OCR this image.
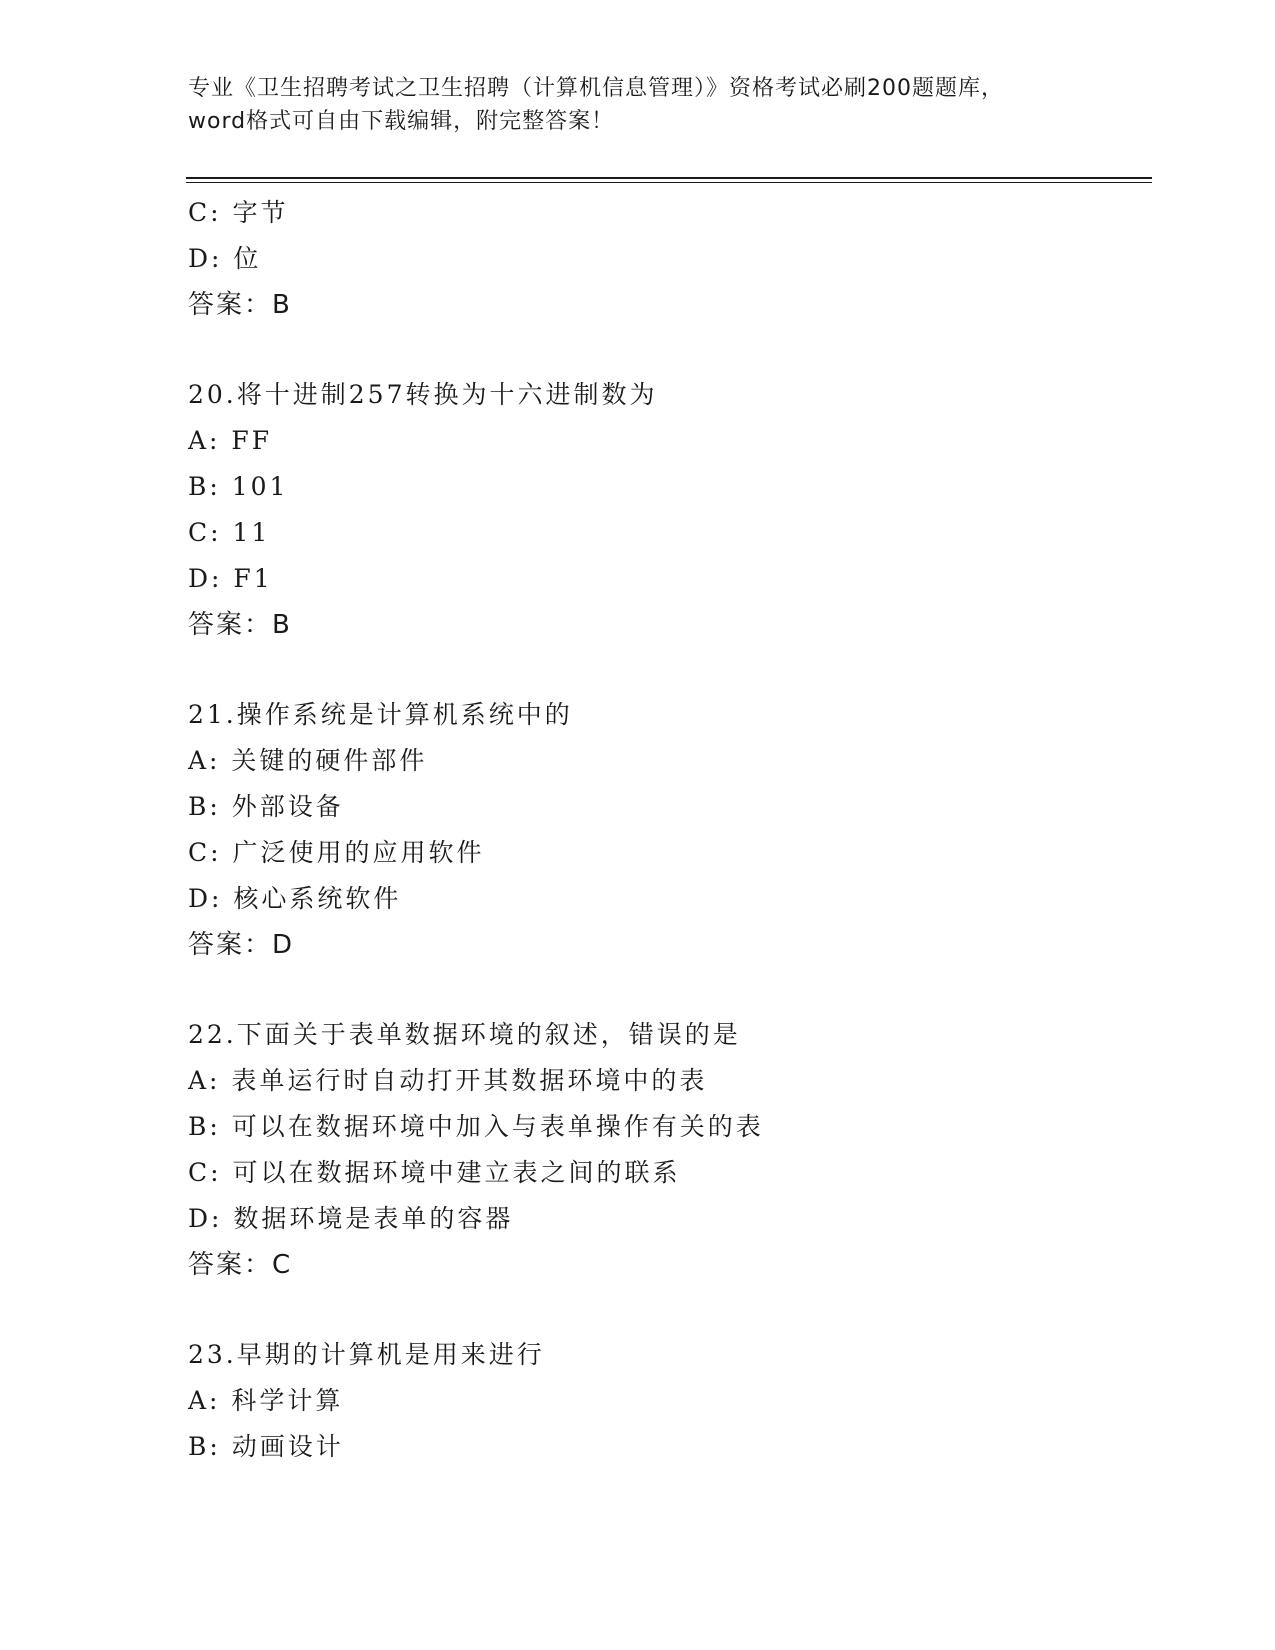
专业《卫生招聘考试之卫生招聘（计算机信息管理）》资格考试必刷200题题库，
word格式可自由下载编辑，附完整答案！
C: 字节
D: 位
答案：B
20.将十进制257转换为十六进制数为
A: FF
B: 101
C: 11
D: F1
答案：B
21.操作系统是计算机系统中的
A: 关键的硬件部件
B: 外部设备
C: 广泛使用的应用软件
D: 核心系统软件
答案：D
22.下面关于表单数据环境的叙述，错误的是
A: 表单运行时自动打开其数据环境中的表
B: 可以在数据环境中加入与表单操作有关的表
C: 可以在数据环境中建立表之间的联系
D: 数据环境是表单的容器
答案：C
23.早期的计算机是用来进行
A: 科学计算
B: 动画设计
